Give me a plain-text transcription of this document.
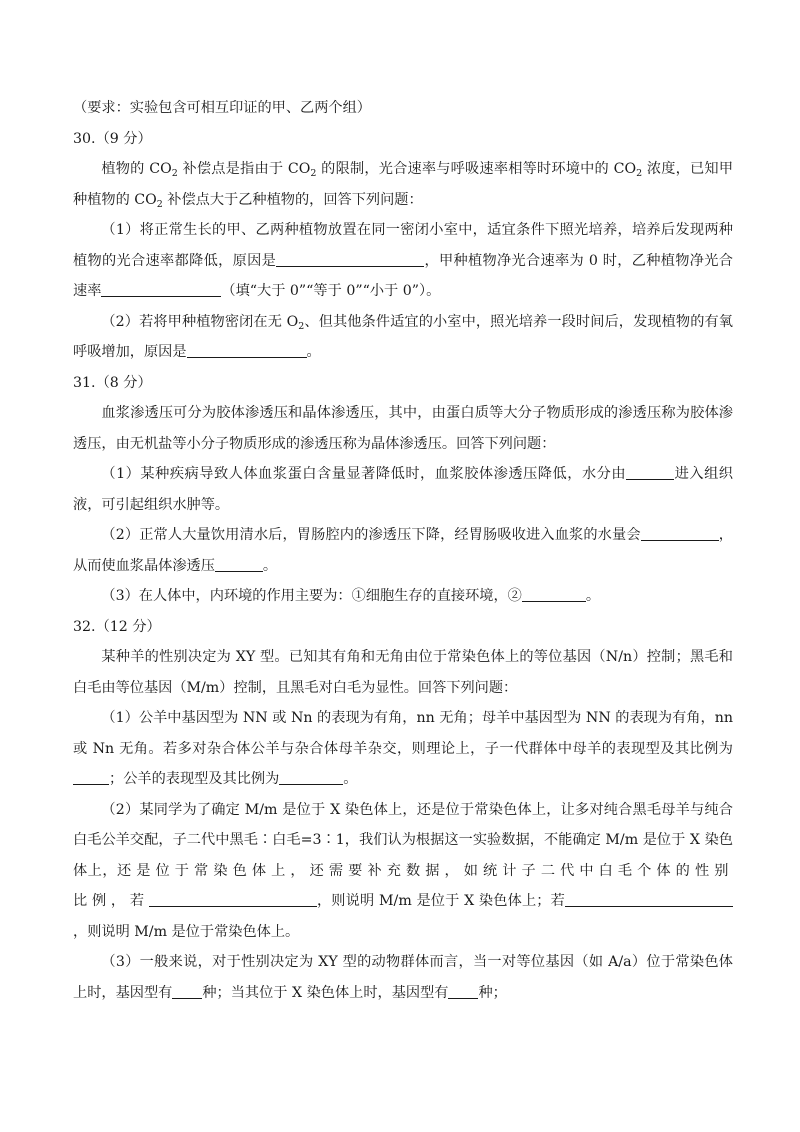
（要求：实验包含可相互印证的甲、乙两个组）

30.（9 分）

植物的 $CO_2$ 补偿点是指由于 $CO_2$ 的限制，光合速率与呼吸速率相等时环境中的 $CO_2$ 浓度，已知甲种植物的 $CO_2$ 补偿点大于乙种植物的，回答下列问题：

（1）将正常生长的甲、乙两种植物放置在同一密闭小室中，适宜条件下照光培养，培养后发现两种植物的光合速率都降低，原因是	，甲种植物净光合速率为 0 时，乙种植物净光合速率	（填“大于 0”“等于 0”“小于 0”）。

（2）若将甲种植物密闭在无 $O_2$、但其他条件适宜的小室中，照光培养一段时间后，发现植物的有氧呼吸增加，原因是	。

31.（8 分）

血浆渗透压可分为胶体渗透压和晶体渗透压，其中，由蛋白质等大分子物质形成的渗透压称为胶体渗透压，由无机盐等小分子物质形成的渗透压称为晶体渗透压。回答下列问题：

（1）某种疾病导致人体血浆蛋白含量显著降低时，血浆胶体渗透压降低，水分由	进入组织液，可引起组织水肿等。

（2）正常人大量饮用清水后，胃肠腔内的渗透压下降，经胃肠吸收进入血浆的水量会	，从而使血浆晶体渗透压	。

（3）在人体中，内环境的作用主要为：①细胞生存的直接环境，②	。

32.（12 分）

某种羊的性别决定为 XY 型。已知其有角和无角由位于常染色体上的等位基因（N/n）控制；黑毛和白毛由等位基因（M/m）控制，且黑毛对白毛为显性。回答下列问题：

（1）公羊中基因型为 NN 或 Nn 的表现为有角，nn 无角；母羊中基因型为 NN 的表现为有角，nn 或 Nn 无角。若多对杂合体公羊与杂合体母羊杂交，则理论上，子一代群体中母羊的表现型及其比例为；公羊的表现型及其比例为	。

（2）某同学为了确定 M/m 是位于 X 染色体上，还是位于常染色体上，让多对纯合黑毛母羊与纯合白毛公羊交配，子二代中黑毛∶白毛=3∶1，我们认为根据这一实验数据，不能确定 M/m 是位于 X 染色体上，还是位于常染色体上，还需要补充数据，如统计子二代中白毛个体的性别比例，若	，则说明 M/m 是位于 X 染色体上；若，则说明 M/m 是位于常染色体上。

（3）一般来说，对于性别决定为 XY 型的动物群体而言，当一对等位基因（如 A/a）位于常染色体上时，基因型有 种；当其位于 X 染色体上时，基因型有 种；
